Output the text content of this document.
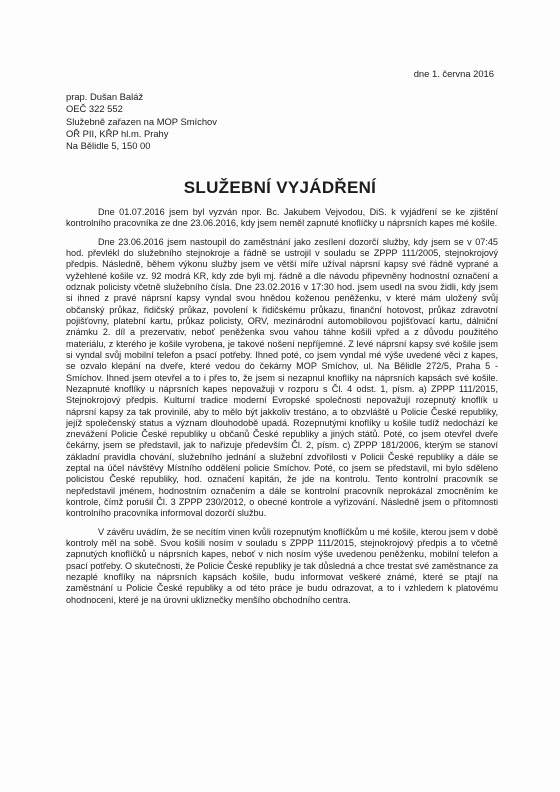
dne 1. června 2016
prap. Dušan Baláž
OEČ 322 552
Služebně zařazen na MOP Smíchov
OŘ PII, KŘP hl.m. Prahy
Na Bělidle 5, 150 00
SLUŽEBNÍ VYJÁDŘENÍ

Dne 01.07.2016 jsem byl vyzván npor. Bc. Jakubem Vejvodou, DiS. k vyjádření se ke zjištění kontrolního pracovníka ze dne 23.06.2016, kdy jsem neměl zapnuté knoflíčky u náprsních kapes mé košile.

Dne 23.06.2016 jsem nastoupil do zaměstnání jako zesílení dozorčí služby, kdy jsem se v 07:45 hod. převlékl do služebního stejnokroje a řádně se ustrojil v souladu se ZPPP 111/2005, stejnokrojový předpis. Následně, během výkonu služby jsem ve větší míře užíval náprsní kapsy své řádně vyprané a vyžehlené košile vz. 92 modrá KR, kdy zde byli mj. řádně a dle návodu připevněny hodnostní označení a odznak policisty včetně služebního čísla. Dne 23.02.2016 v 17:30 hod. jsem usedl na svou židli, kdy jsem si ihned z pravé náprsní kapsy vyndal svou hnědou koženou peněženku, v které mám uložený svůj občanský průkaz, řidičský průkaz, povolení k řidičskému průkazu, finanční hotovost, průkaz zdravotní pojišťovny, platební kartu, průkaz policisty, ORV, mezinárodní automobilovou pojišťovací kartu, dálniční známku 2. díl a prezervativ, neboť peněženka svou vahou táhne košili vpřed a z důvodu použitého materiálu, z kterého je košile vyrobena, je takové nošení nepříjemné. Z levé náprsní kapsy své košile jsem si vyndal svůj mobilní telefon a psací potřeby. Ihned poté, co jsem vyndal mé výše uvedené věci z kapes, se ozvalo klepání na dveře, které vedou do čekárny MOP Smíchov, ul. Na Bělidle 272/5, Praha 5 - Smíchov. Ihned jsem otevřel a to i přes to, že jsem si nezapnul knoflíky na náprsních kapsách své košile. Nezapnuté knoflíky u náprsních kapes nepovažuji v rozporu s Čl. 4 odst. 1, písm. a) ZPPP 111/2015, Stejnokrojový předpis. Kulturní tradice moderní Evropské společnosti nepovažují rozepnutý knoflík u náprsní kapsy za tak provinilé, aby to mělo být jakkoliv trestáno, a to obzvláště u Policie České republiky, jejíž společenský status a význam dlouhodobě upadá. Rozepnutými knoflíky u košile tudíž nedochází ke znevážení Policie České republiky u občanů České republiky a jiných států. Poté, co jsem otevřel dveře čekárny, jsem se představil, jak to nařizuje především Čl. 2, písm. c) ZPPP 181/2006, kterým se stanoví základní pravidla chování, služebního jednání a služební zdvořilosti v Policii České republiky a dále se zeptal na účel návštěvy Místního oddělení policie Smíchov. Poté, co jsem se představil, mi bylo sděleno policistou České republiky, hod. označení kapitán, že jde na kontrolu. Tento kontrolní pracovník se nepředstavil jménem, hodnostním označením a dále se kontrolní pracovník neprokázal zmocněním ke kontrole, čímž porušil Čl. 3 ZPPP 230/2012, o obecné kontrole a vyřizování. Následně jsem o přítomnosti kontrolního pracovníka informoval dozorčí službu.

V závěru uvádím, že se necítím vinen kvůli rozepnutým knoflíčkům u mé košile, kterou jsem v době kontroly měl na sobě. Svou košili nosím v souladu s ZPPP 111/2015, stejnokrojový předpis a to včetně zapnutých knoflíčků u náprsních kapes, neboť v nich nosím výše uvedenou peněženku, mobilní telefon a psací potřeby. O skutečnosti, že Policie České republiky je tak důsledná a chce trestat své zaměstnance za nezaplé knoflíky na náprsních kapsách košile, budu informovat veškeré známé, které se ptají na zaměstnání u Policie České republiky a od této práce je budu odrazovat, a to i vzhledem k platovému ohodnocení, které je na úrovni ukliznečky menšího obchodního centra.
